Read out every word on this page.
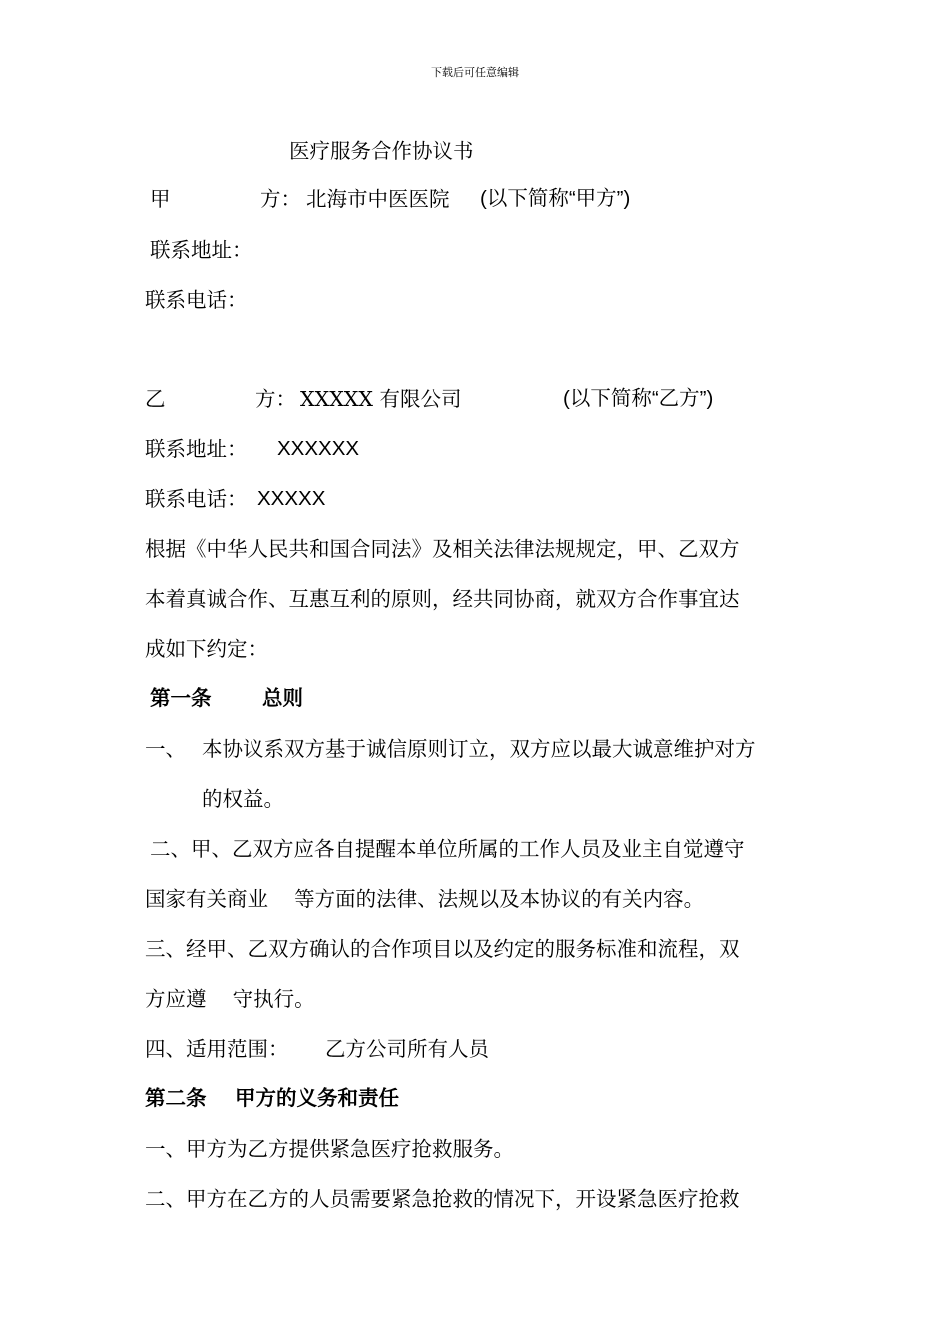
下载后可任意编辑
医疗服务合作协议书
甲	方： 北海市中医医院 (以下简称“甲方”)
联系地址：
联系电话：
乙	方： XXXXX 有限公司	(以下简称“乙方”)
联系地址： XXXXXX
联系电话： XXXXX
根据《中华人民共和国合同法》及相关法律法规规定，甲、乙双方
本着真诚合作、互惠互利的原则，经共同协商，就双方合作事宜达
成如下约定：
第一条 总则
一、 本协议系双方基于诚信原则订立，双方应以最大诚意维护对方
的权益。
二、甲、乙双方应各自提醒本单位所属的工作人员及业主自觉遵守
国家有关商业    等方面的法律、法规以及本协议的有关内容。
三、经甲、乙双方确认的合作项目以及约定的服务标准和流程，双
方应遵    守执行。
四、适用范围： 乙方公司所有人员
第二条 甲方的义务和责任
一、甲方为乙方提供紧急医疗抢救服务。
二、甲方在乙方的人员需要紧急抢救的情况下，开设紧急医疗抢救
